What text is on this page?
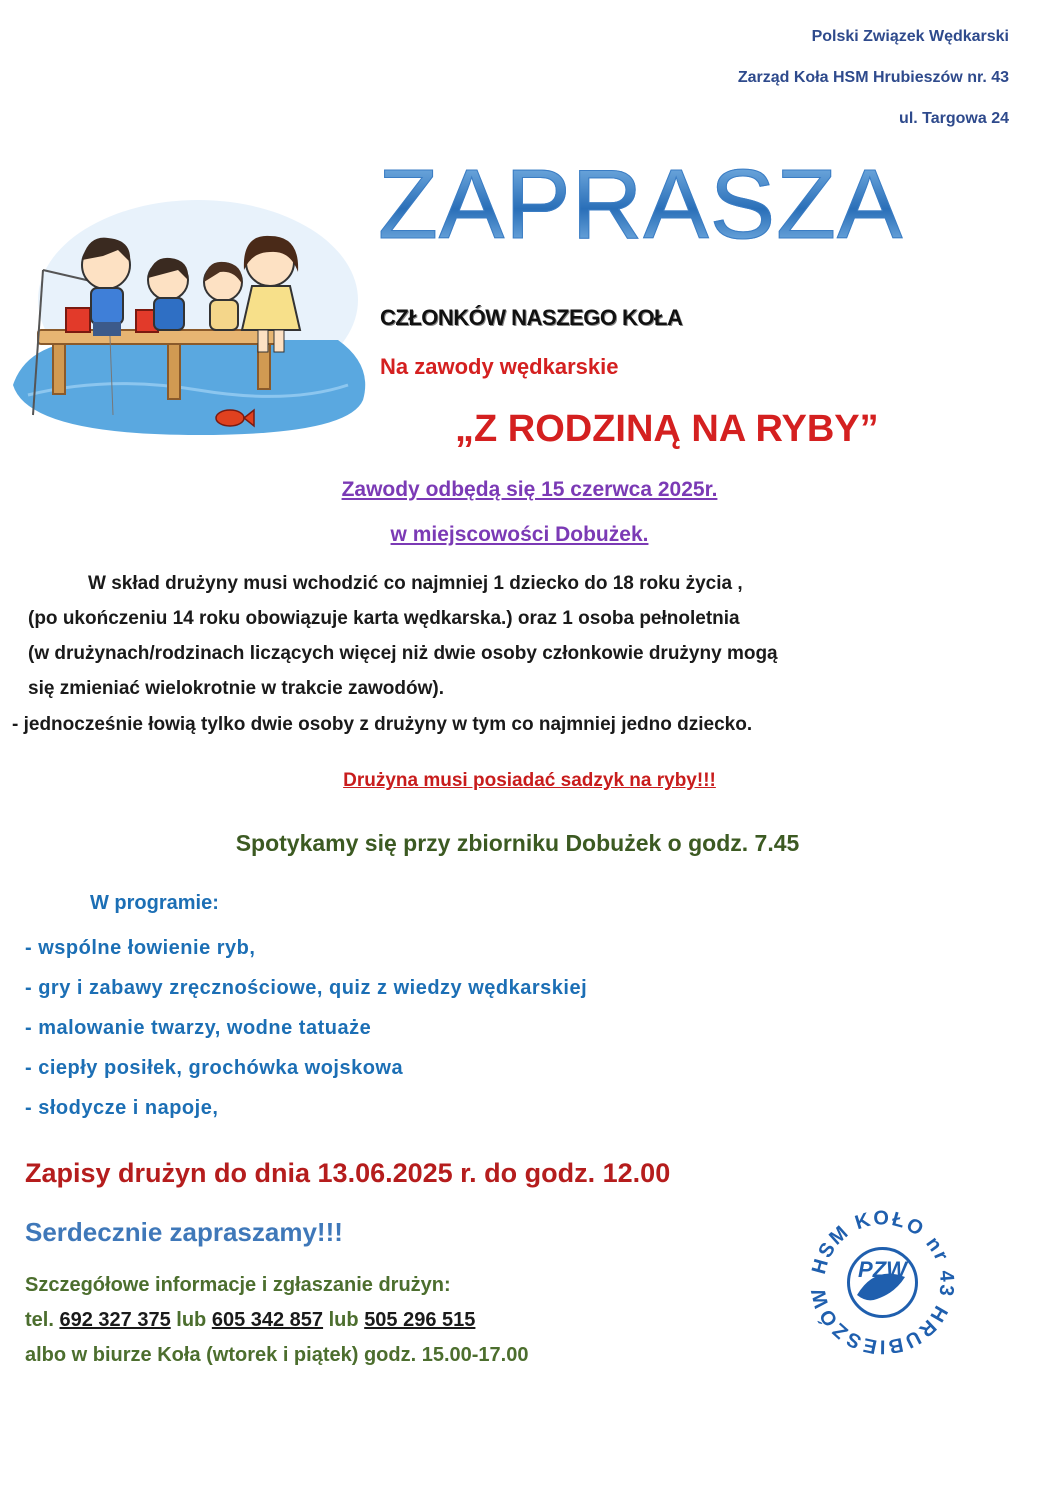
Polski Związek Wędkarski
Zarząd Koła HSM Hrubieszów nr. 43
ul. Targowa 24
ZAPRASZA
CZŁONKÓW NASZEGO KOŁA
Na zawody wędkarskie
„Z RODZINĄ NA RYBY”
Zawody odbędą się 15 czerwca 2025r.
w miejscowości Dobużek.
W skład drużyny musi wchodzić co najmniej 1 dziecko do 18 roku życia ,
(po ukończeniu 14 roku obowiązuje karta wędkarska.) oraz 1 osoba pełnoletnia
(w drużynach/rodzinach liczących więcej niż dwie osoby członkowie drużyny mogą
się zmieniać wielokrotnie w trakcie zawodów).
- jednocześnie łowią tylko dwie osoby z drużyny w tym co najmniej jedno dziecko.
Drużyna musi posiadać sadzyk na ryby!!!
Spotykamy się przy zbiorniku Dobużek o godz. 7.45
W programie:
- wspólne łowienie ryb,
- gry i zabawy zręcznościowe, quiz z wiedzy wędkarskiej
- malowanie twarzy, wodne tatuaże
- ciepły posiłek, grochówka wojskowa
- słodycze i napoje,
Zapisy drużyn do dnia 13.06.2025 r. do godz. 12.00
Serdecznie zapraszamy!!!
Szczegółowe informacje i zgłaszanie drużyn:
tel. 692 327 375 lub 605 342 857 lub 505 296 515
albo w biurze Koła (wtorek i piątek) godz. 15.00-17.00
HSM KOŁO nr 43 HRUBIESZÓW
PZW
